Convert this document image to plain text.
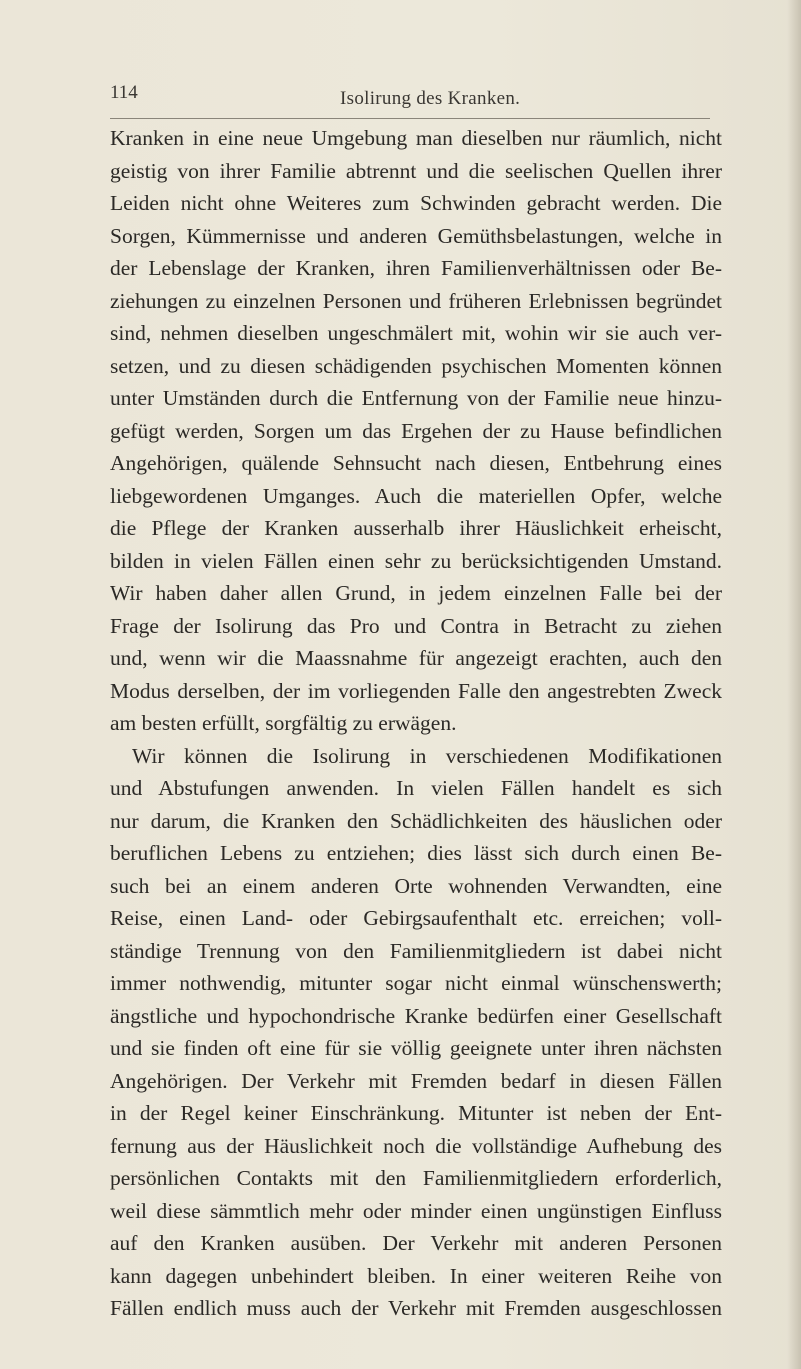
114	Isolirung des Kranken.
Kranken in eine neue Umgebung man dieselben nur räumlich, nicht
geistig von ihrer Familie abtrennt und die seelischen Quellen ihrer
Leiden nicht ohne Weiteres zum Schwinden gebracht werden. Die
Sorgen, Kümmernisse und anderen Gemüthsbelastungen, welche in
der Lebenslage der Kranken, ihren Familienverhältnissen oder Be-
ziehungen zu einzelnen Personen und früheren Erlebnissen begründet
sind, nehmen dieselben ungeschmälert mit, wohin wir sie auch ver-
setzen, und zu diesen schädigenden psychischen Momenten können
unter Umständen durch die Entfernung von der Familie neue hinzu-
gefügt werden, Sorgen um das Ergehen der zu Hause befindlichen
Angehörigen, quälende Sehnsucht nach diesen, Entbehrung eines
liebgewordenen Umganges. Auch die materiellen Opfer, welche
die Pflege der Kranken ausserhalb ihrer Häuslichkeit erheischt,
bilden in vielen Fällen einen sehr zu berücksichtigenden Umstand.
Wir haben daher allen Grund, in jedem einzelnen Falle bei der
Frage der Isolirung das Pro und Contra in Betracht zu ziehen
und, wenn wir die Maassnahme für angezeigt erachten, auch den
Modus derselben, der im vorliegenden Falle den angestrebten Zweck
am besten erfüllt, sorgfältig zu erwägen.
Wir können die Isolirung in verschiedenen Modifikationen
und Abstufungen anwenden. In vielen Fällen handelt es sich
nur darum, die Kranken den Schädlichkeiten des häuslichen oder
beruflichen Lebens zu entziehen; dies lässt sich durch einen Be-
such bei an einem anderen Orte wohnenden Verwandten, eine
Reise, einen Land- oder Gebirgsaufenthalt etc. erreichen; voll-
ständige Trennung von den Familienmitgliedern ist dabei nicht
immer nothwendig, mitunter sogar nicht einmal wünschenswerth;
ängstliche und hypochondrische Kranke bedürfen einer Gesellschaft
und sie finden oft eine für sie völlig geeignete unter ihren nächsten
Angehörigen. Der Verkehr mit Fremden bedarf in diesen Fällen
in der Regel keiner Einschränkung. Mitunter ist neben der Ent-
fernung aus der Häuslichkeit noch die vollständige Aufhebung des
persönlichen Contakts mit den Familienmitgliedern erforderlich,
weil diese sämmtlich mehr oder minder einen ungünstigen Einfluss
auf den Kranken ausüben. Der Verkehr mit anderen Personen
kann dagegen unbehindert bleiben. In einer weiteren Reihe von
Fällen endlich muss auch der Verkehr mit Fremden ausgeschlossen
